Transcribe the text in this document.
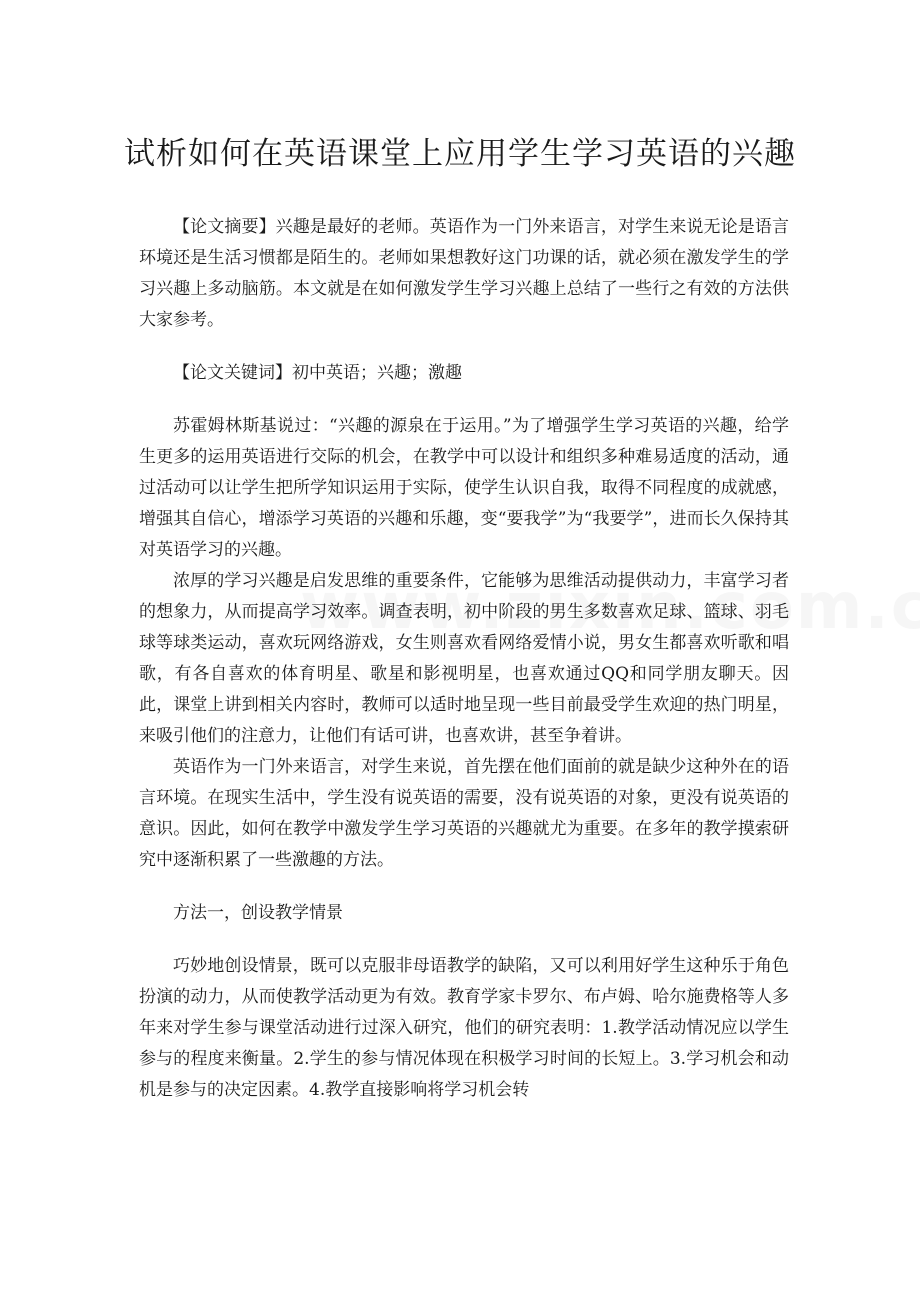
试析如何在英语课堂上应用学生学习英语的兴趣

【论文摘要】兴趣是最好的老师。英语作为一门外来语言，对学生来说无论是语言环境还是生活习惯都是陌生的。老师如果想教好这门功课的话，就必须在激发学生的学习兴趣上多动脑筋。本文就是在如何激发学生学习兴趣上总结了一些行之有效的方法供大家参考。

【论文关键词】初中英语；兴趣；激趣

苏霍姆林斯基说过：“兴趣的源泉在于运用。”为了增强学生学习英语的兴趣，给学生更多的运用英语进行交际的机会，在教学中可以设计和组织多种难易适度的活动，通过活动可以让学生把所学知识运用于实际，使学生认识自我，取得不同程度的成就感，增强其自信心，增添学习英语的兴趣和乐趣，变“要我学”为“我要学”，进而长久保持其对英语学习的兴趣。

浓厚的学习兴趣是启发思维的重要条件，它能够为思维活动提供动力，丰富学习者的想象力，从而提高学习效率。调查表明，初中阶段的男生多数喜欢足球、篮球、羽毛球等球类运动，喜欢玩网络游戏，女生则喜欢看网络爱情小说，男女生都喜欢听歌和唱歌，有各自喜欢的体育明星、歌星和影视明星，也喜欢通过QQ和同学朋友聊天。因此，课堂上讲到相关内容时，教师可以适时地呈现一些目前最受学生欢迎的热门明星，来吸引他们的注意力，让他们有话可讲，也喜欢讲，甚至争着讲。

英语作为一门外来语言，对学生来说，首先摆在他们面前的就是缺少这种外在的语言环境。在现实生活中，学生没有说英语的需要，没有说英语的对象，更没有说英语的意识。因此，如何在教学中激发学生学习英语的兴趣就尤为重要。在多年的教学摸索研究中逐渐积累了一些激趣的方法。

方法一，创设教学情景

巧妙地创设情景，既可以克服非母语教学的缺陷，又可以利用好学生这种乐于角色扮演的动力，从而使教学活动更为有效。教育学家卡罗尔、布卢姆、哈尔施费格等人多年来对学生参与课堂活动进行过深入研究，他们的研究表明：1.教学活动情况应以学生参与的程度来衡量。2.学生的参与情况体现在积极学习时间的长短上。3.学习机会和动机是参与的决定因素。4.教学直接影响将学习机会转
